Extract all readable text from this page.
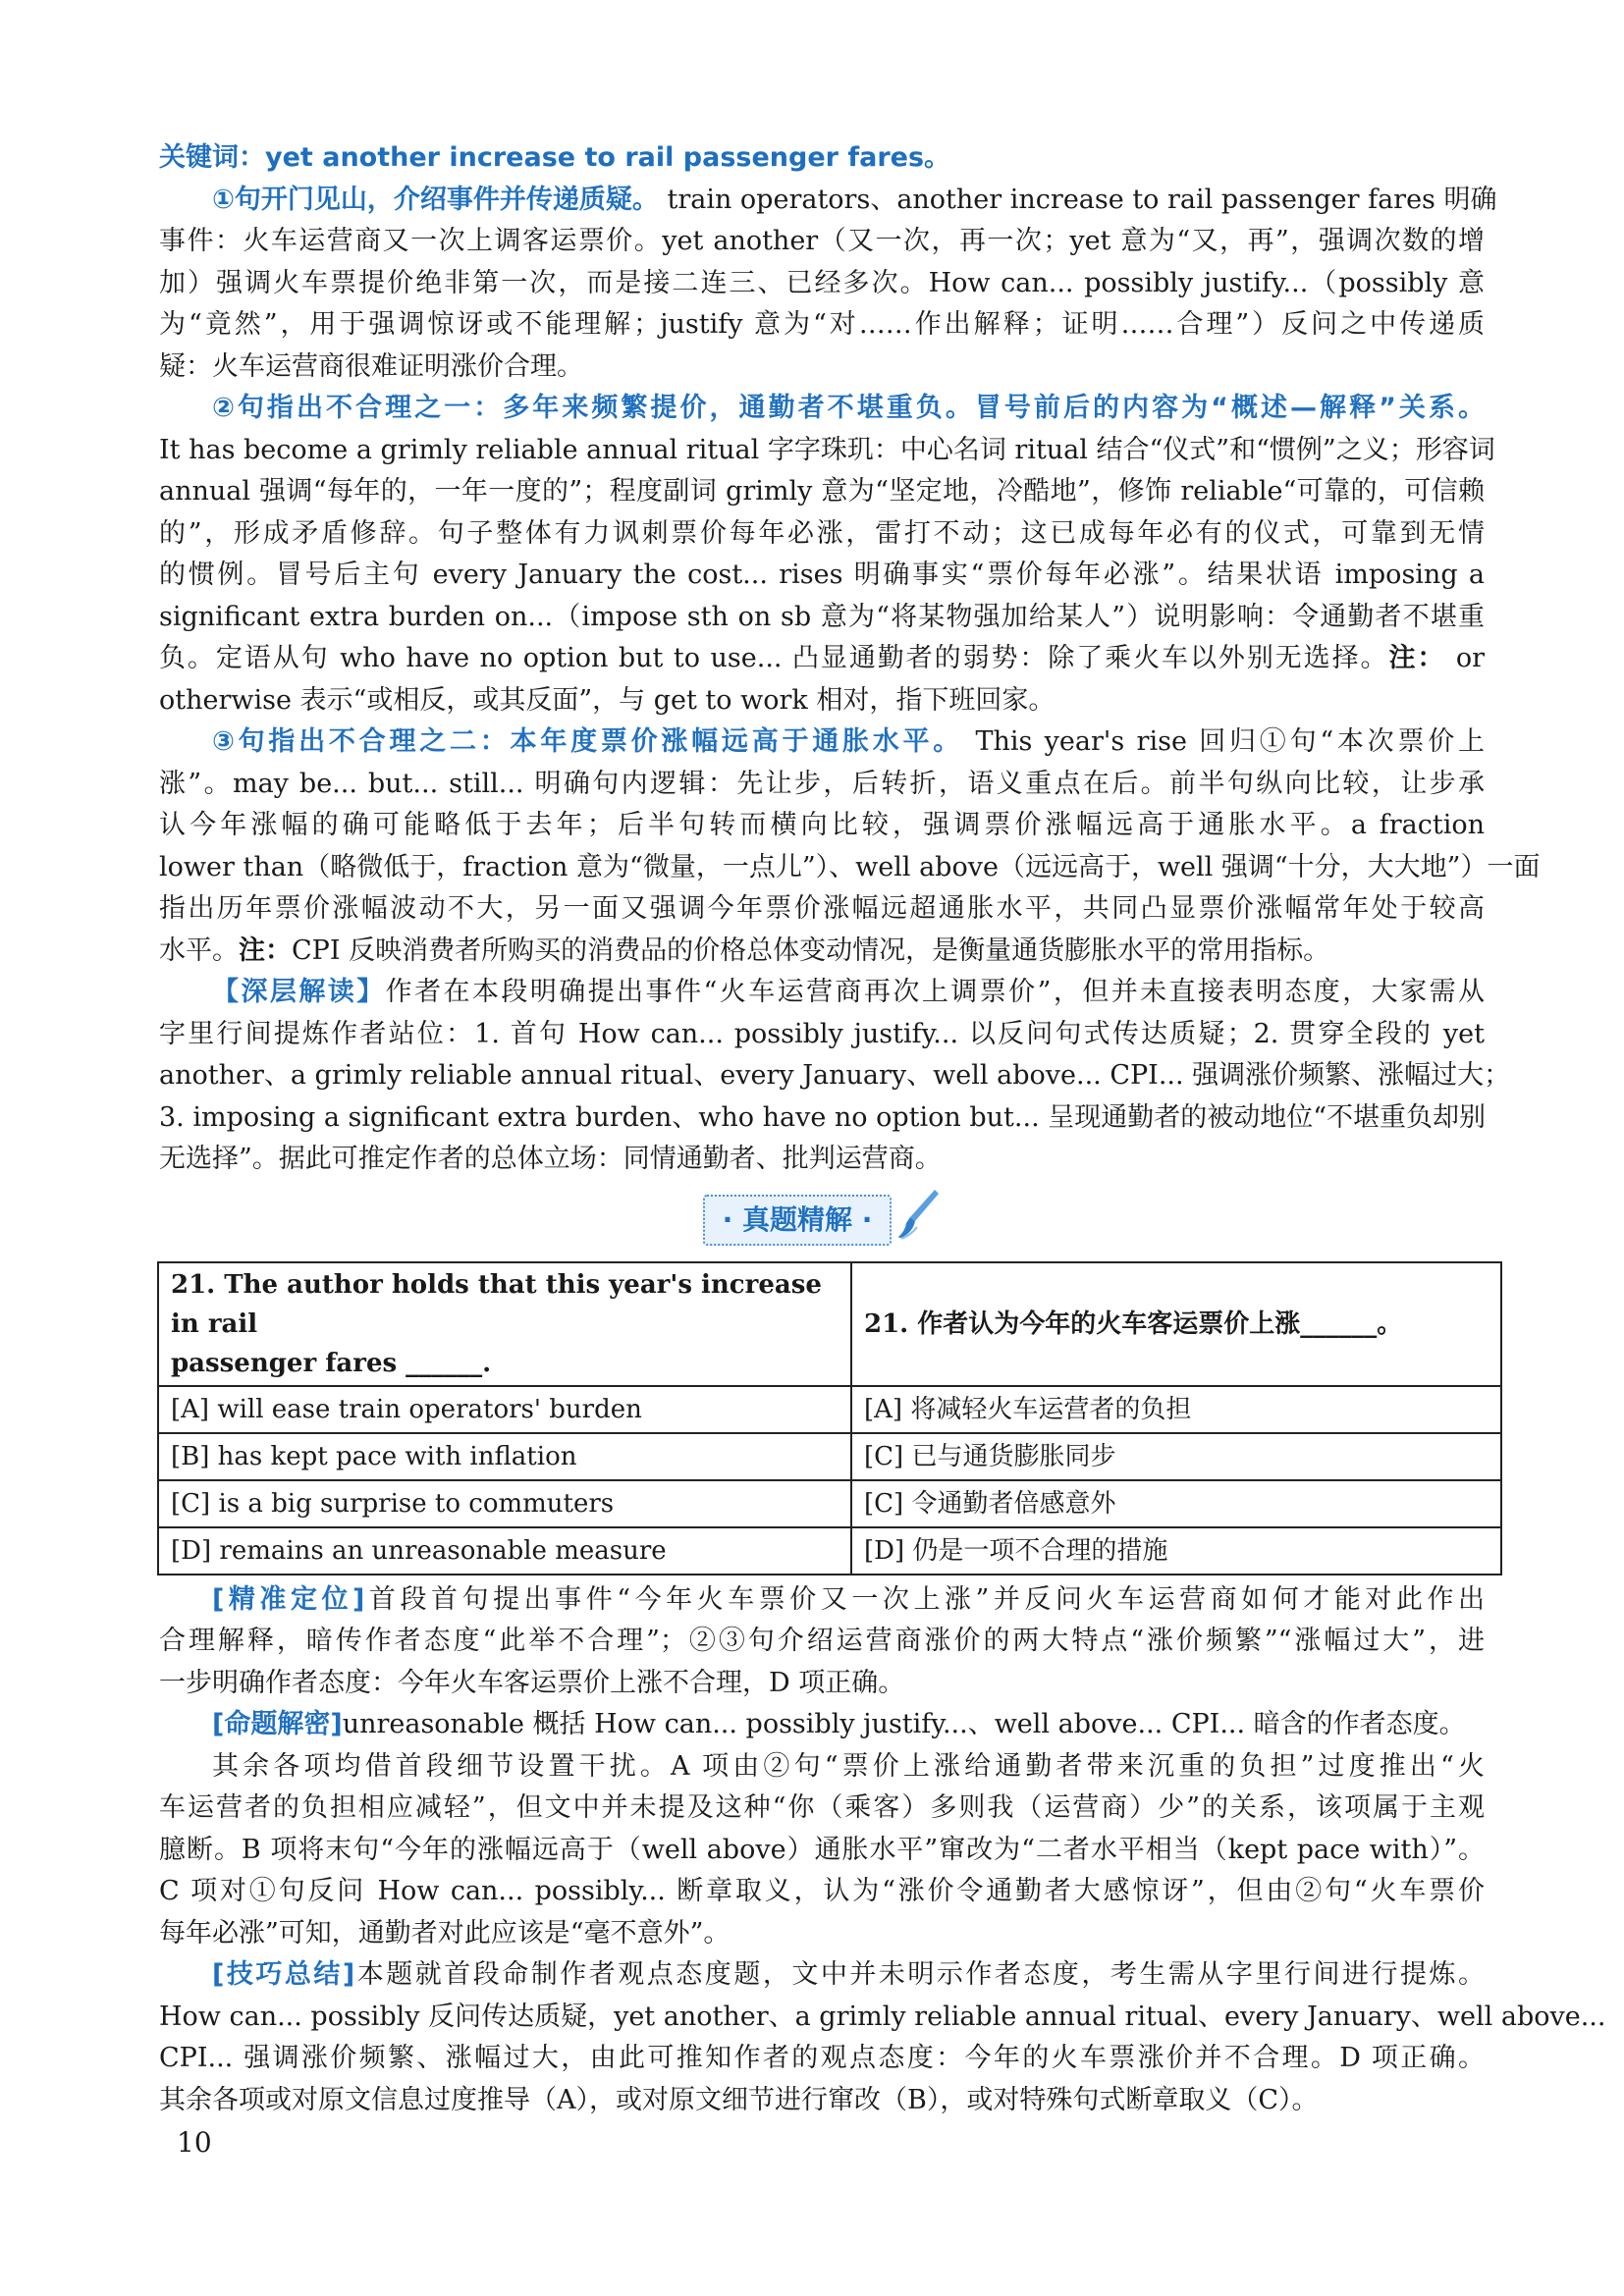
关键词：yet another increase to rail passenger fares。
①句开门见山，介绍事件并传递质疑。 train operators、another increase to rail passenger fares 明确
事件：火车运营商又一次上调客运票价。yet another（又一次，再一次；yet 意为“又，再”，强调次数的增
加）强调火车票提价绝非第一次，而是接二连三、已经多次。How can... possibly justify...（possibly 意
为“竟然”，用于强调惊讶或不能理解；justify 意为“对……作出解释；证明……合理”）反问之中传递质
疑：火车运营商很难证明涨价合理。
②句指出不合理之一：多年来频繁提价，通勤者不堪重负。冒号前后的内容为“概述—解释”关系。
It has become a grimly reliable annual ritual 字字珠玑：中心名词 ritual 结合“仪式”和“惯例”之义；形容词
annual 强调“每年的，一年一度的”；程度副词 grimly 意为“坚定地，冷酷地”，修饰 reliable“可靠的，可信赖
的”，形成矛盾修辞。句子整体有力讽刺票价每年必涨，雷打不动；这已成每年必有的仪式，可靠到无情
的惯例。冒号后主句 every January the cost... rises 明确事实“票价每年必涨”。结果状语 imposing a
significant extra burden on...（impose sth on sb 意为“将某物强加给某人”）说明影响：令通勤者不堪重
负。定语从句 who have no option but to use... 凸显通勤者的弱势：除了乘火车以外别无选择。注： or
otherwise 表示“或相反，或其反面”，与 get to work 相对，指下班回家。
③句指出不合理之二：本年度票价涨幅远高于通胀水平。 This year's rise 回归①句“本次票价上
涨”。may be... but... still... 明确句内逻辑：先让步，后转折，语义重点在后。前半句纵向比较，让步承
认今年涨幅的确可能略低于去年；后半句转而横向比较，强调票价涨幅远高于通胀水平。a fraction
lower than（略微低于，fraction 意为“微量，一点儿”）、well above（远远高于，well 强调“十分，大大地”）一面
指出历年票价涨幅波动不大，另一面又强调今年票价涨幅远超通胀水平，共同凸显票价涨幅常年处于较高
水平。注：CPI 反映消费者所购买的消费品的价格总体变动情况，是衡量通货膨胀水平的常用指标。
【深层解读】作者在本段明确提出事件“火车运营商再次上调票价”，但并未直接表明态度，大家需从
字里行间提炼作者站位：1. 首句 How can... possibly justify... 以反问句式传达质疑；2. 贯穿全段的 yet
another、a grimly reliable annual ritual、every January、well above... CPI... 强调涨价频繁、涨幅过大；
3. imposing a significant extra burden、who have no option but... 呈现通勤者的被动地位“不堪重负却别
无选择”。据此可推定作者的总体立场：同情通勤者、批判运营商。
· 真题精解 ·
21. The author holds that this year's increase in rail
passenger fares ______.	21. 作者认为今年的火车客运票价上涨______。
[A] will ease train operators' burden	[A] 将减轻火车运营者的负担
[B] has kept pace with inflation	[C] 已与通货膨胀同步
[C] is a big surprise to commuters	[C] 令通勤者倍感意外
[D] remains an unreasonable measure	[D] 仍是一项不合理的措施
[精准定位]首段首句提出事件“今年火车票价又一次上涨”并反问火车运营商如何才能对此作出
合理解释，暗传作者态度“此举不合理”；②③句介绍运营商涨价的两大特点“涨价频繁”“涨幅过大”，进
一步明确作者态度：今年火车客运票价上涨不合理，D 项正确。
[命题解密]unreasonable 概括 How can... possibly justify...、well above... CPI... 暗含的作者态度。
其余各项均借首段细节设置干扰。A 项由②句“票价上涨给通勤者带来沉重的负担”过度推出“火
车运营者的负担相应减轻”，但文中并未提及这种“你（乘客）多则我（运营商）少”的关系，该项属于主观
臆断。B 项将末句“今年的涨幅远高于（well above）通胀水平”窜改为“二者水平相当（kept pace with）”。
C 项对①句反问 How can... possibly... 断章取义，认为“涨价令通勤者大感惊讶”，但由②句“火车票价
每年必涨”可知，通勤者对此应该是“毫不意外”。
[技巧总结]本题就首段命制作者观点态度题，文中并未明示作者态度，考生需从字里行间进行提炼。
How can... possibly 反问传达质疑，yet another、a grimly reliable annual ritual、every January、well above...
CPI... 强调涨价频繁、涨幅过大，由此可推知作者的观点态度：今年的火车票涨价并不合理。D 项正确。
其余各项或对原文信息过度推导（A），或对原文细节进行窜改（B），或对特殊句式断章取义（C）。
10
